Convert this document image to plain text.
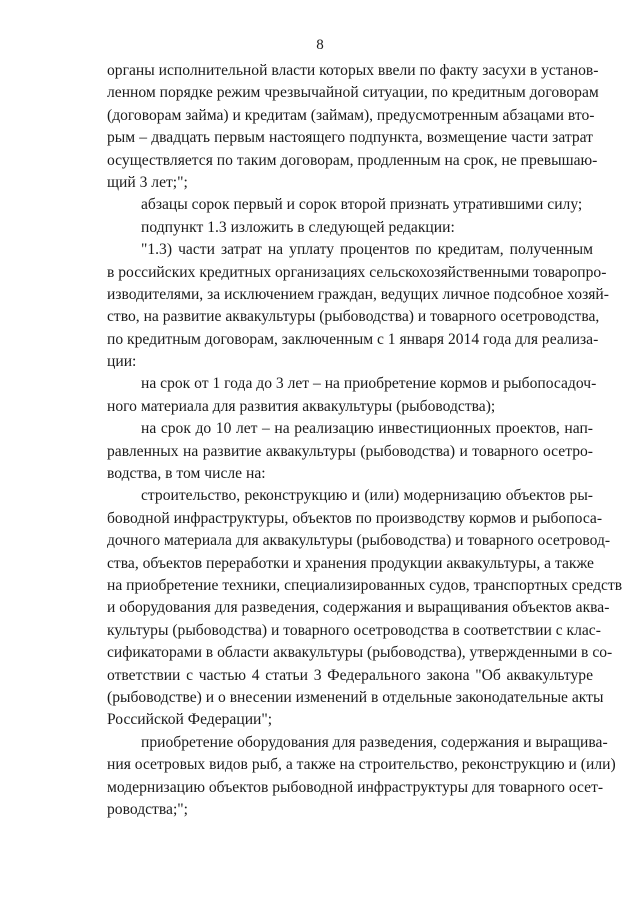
8
органы исполнительной власти которых ввели по факту засухи в установ-
ленном порядке режим чрезвычайной ситуации, по кредитным договорам
(договорам займа) и кредитам (займам), предусмотренным абзацами вто-
рым – двадцать первым настоящего подпункта, возмещение части затрат
осуществляется по таким договорам, продленным на срок, не превышаю-
щий 3 лет;";
абзацы сорок первый и сорок второй признать утратившими силу;
подпункт 1.3 изложить в следующей редакции:
"1.3) части затрат на уплату процентов по кредитам, полученным
в российских кредитных организациях сельскохозяйственными товаропро-
изводителями, за исключением граждан, ведущих личное подсобное хозяй-
ство, на развитие аквакультуры (рыбоводства) и товарного осетроводства,
по кредитным договорам, заключенным с 1 января 2014 года для реализа-
ции:
на срок от 1 года до 3 лет – на приобретение кормов и рыбопосадоч-
ного материала для развития аквакультуры (рыбоводства);
на срок до 10 лет – на реализацию инвестиционных проектов, нап-
равленных на развитие аквакультуры (рыбоводства) и товарного осетро-
водства, в том числе на:
строительство, реконструкцию и (или) модернизацию объектов ры-
боводной инфраструктуры, объектов по производству кормов и рыбопоса-
дочного материала для аквакультуры (рыбоводства) и товарного осетровод-
ства, объектов переработки и хранения продукции аквакультуры, а также
на приобретение техники, специализированных судов, транспортных средств
и оборудования для разведения, содержания и выращивания объектов аква-
культуры (рыбоводства) и товарного осетроводства в соответствии с клас-
сификаторами в области аквакультуры (рыбоводства), утвержденными в со-
ответствии с частью 4 статьи 3 Федерального закона "Об аквакультуре
(рыбоводстве) и о внесении изменений в отдельные законодательные акты
Российской Федерации";
приобретение оборудования для разведения, содержания и выращива-
ния осетровых видов рыб, а также на строительство, реконструкцию и (или)
модернизацию объектов рыбоводной инфраструктуры для товарного осет-
роводства;";
